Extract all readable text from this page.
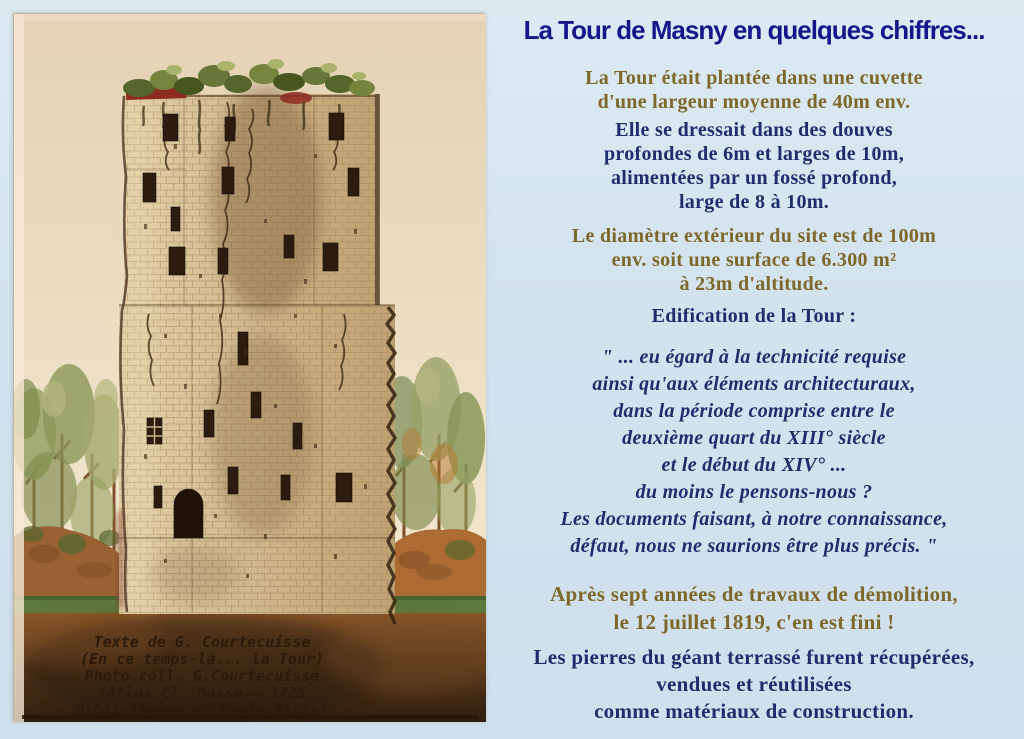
Texte de G. Courtecuisse
(En ce temps-là... la Tour)
Photo coll. G.Courtecuisse
(Atlas Cl. Masse - 1725
Bibliothèque du Génie-Paris)
La Tour de Masny en quelques chiffres...
La Tour était plantée dans une cuvette
d'une largeur moyenne de 40m env.
Elle se dressait dans des douves
profondes de 6m et larges de 10m,
alimentées par un fossé profond,
large de 8 à 10m.
Le diamètre extérieur du site est de 100m
env. soit une surface de 6.300 m²
à 23m d'altitude.
Edification de la Tour :
" ... eu égard à la technicité requise
ainsi qu'aux éléments architecturaux,
dans la période comprise entre le
deuxième quart du XIII° siècle
et le début du XIV° ...
du moins le pensons-nous ?
Les documents faisant, à notre connaissance,
défaut, nous ne saurions être plus précis. "
Après sept années de travaux de démolition,
le 12 juillet 1819, c'en est fini !
Les pierres du géant terrassé furent récupérées,
vendues et réutilisées
comme matériaux de construction.
